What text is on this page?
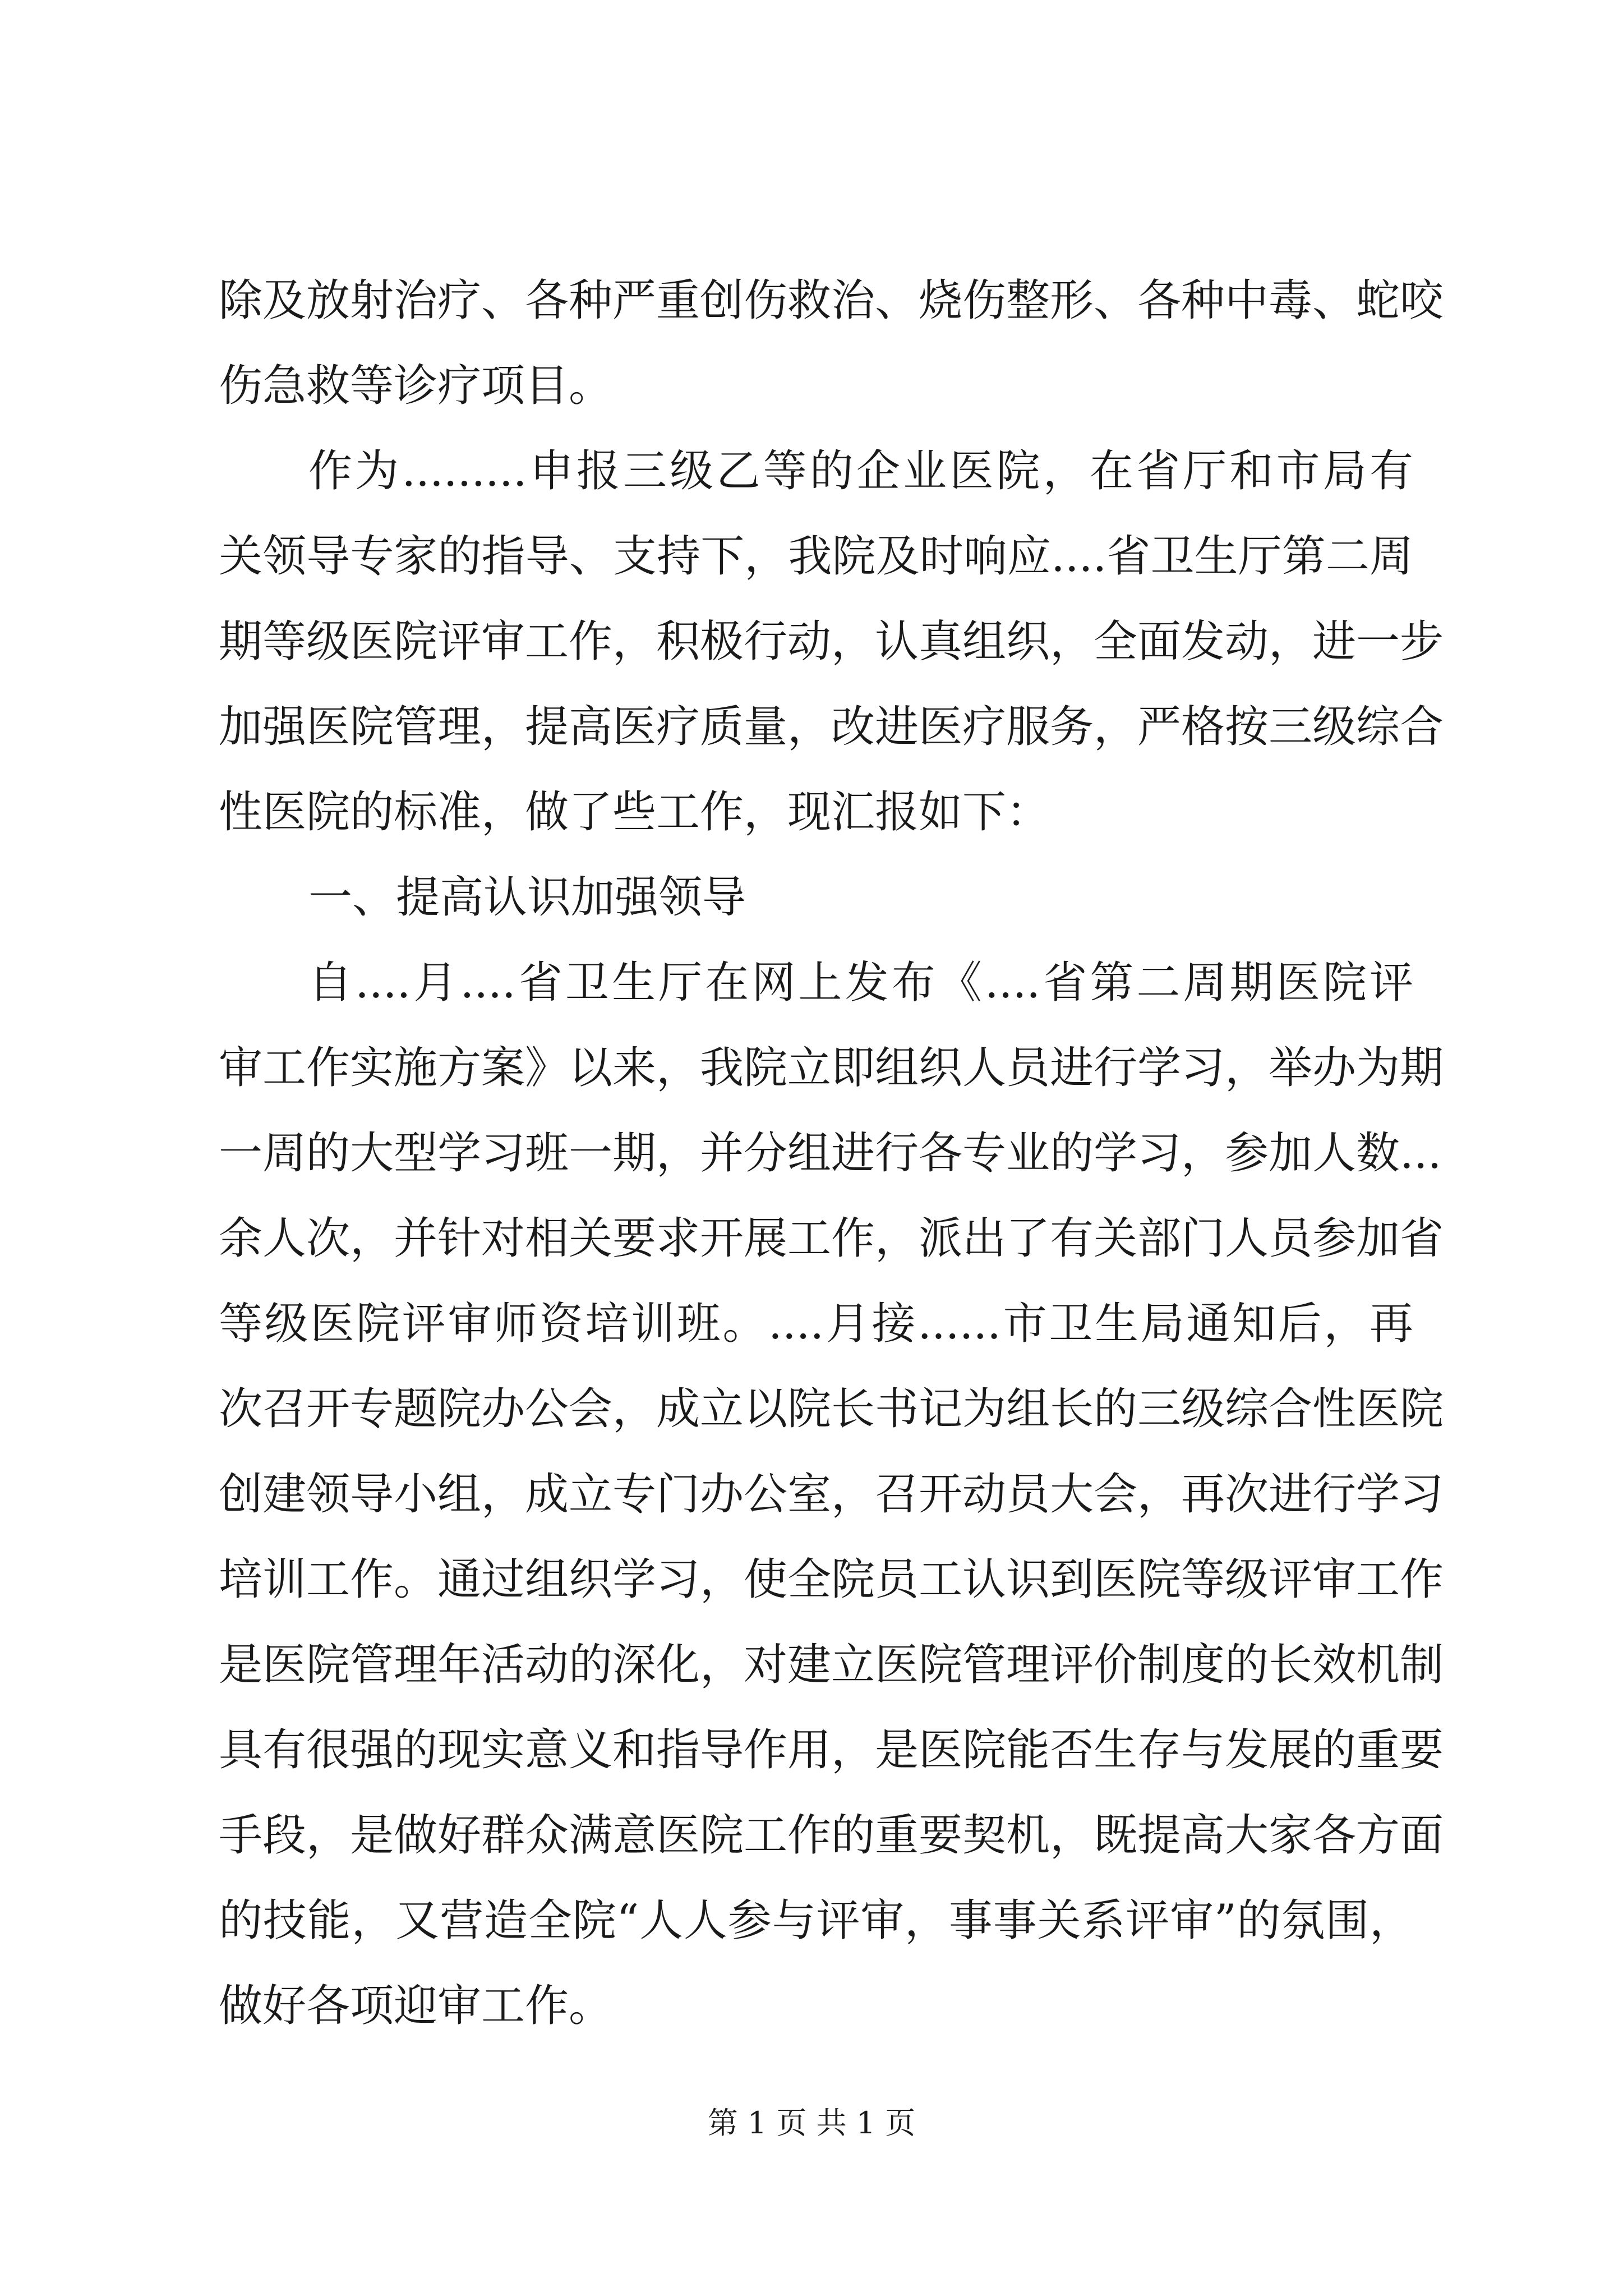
除及放射治疗、各种严重创伤救治、烧伤整形、各种中毒、蛇咬
伤急救等诊疗项目。
作为.........申报三级乙等的企业医院，在省厅和市局有
关领导专家的指导、支持下，我院及时响应....省卫生厅第二周
期等级医院评审工作，积极行动，认真组织，全面发动，进一步
加强医院管理，提高医疗质量，改进医疗服务，严格按三级综合
性医院的标准，做了些工作，现汇报如下：
一、提高认识加强领导
自....月....省卫生厅在网上发布《....省第二周期医院评
审工作实施方案》以来，我院立即组织人员进行学习，举办为期
一周的大型学习班一期，并分组进行各专业的学习，参加人数...
余人次，并针对相关要求开展工作，派出了有关部门人员参加省
等级医院评审师资培训班。....月接......市卫生局通知后，再
次召开专题院办公会，成立以院长书记为组长的三级综合性医院
创建领导小组，成立专门办公室，召开动员大会，再次进行学习
培训工作。通过组织学习，使全院员工认识到医院等级评审工作
是医院管理年活动的深化，对建立医院管理评价制度的长效机制
具有很强的现实意义和指导作用，是医院能否生存与发展的重要
手段，是做好群众满意医院工作的重要契机，既提高大家各方面
的技能，又营造全院“人人参与评审，事事关系评审”的氛围，
做好各项迎审工作。
第 1 页 共 1 页
